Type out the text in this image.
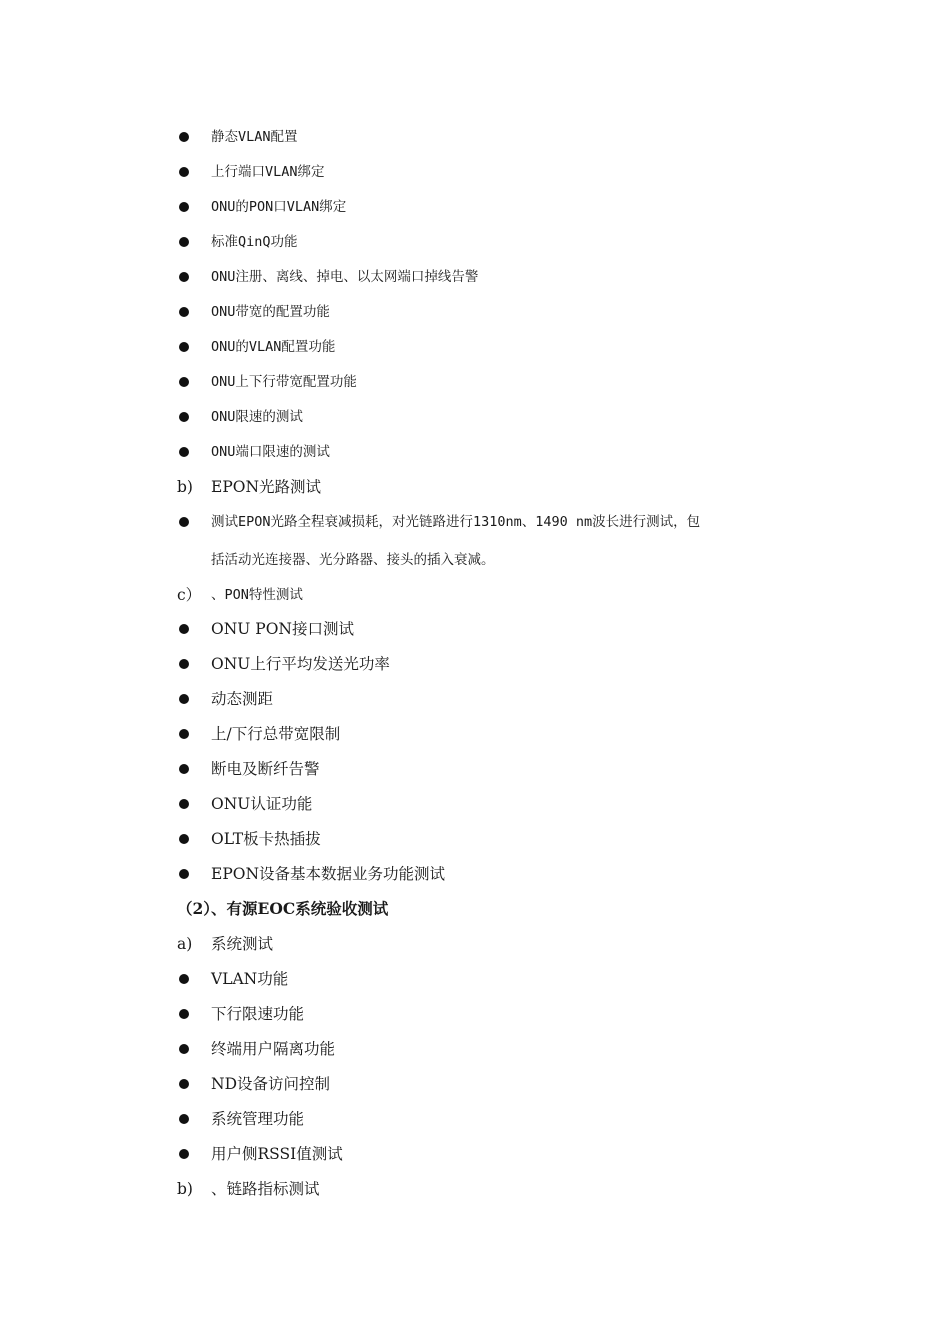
静态VLAN配置
上行端口VLAN绑定
ONU的PON口VLAN绑定
标准QinQ功能
ONU注册、离线、掉电、以太网端口掉线告警
ONU带宽的配置功能
ONU的VLAN配置功能
ONU上下行带宽配置功能
ONU限速的测试
ONU端口限速的测试
b) EPON光路测试
测试EPON光路全程衰减损耗，对光链路进行1310nm、1490 nm波长进行测试，包
括活动光连接器、光分路器、接头的插入衰减。
c） 、PON特性测试
ONU PON接口测试
ONU上行平均发送光功率
动态测距
上/下行总带宽限制
断电及断纤告警
ONU认证功能
OLT板卡热插拔
EPON设备基本数据业务功能测试
（2）、有源EOC系统验收测试
a) 系统测试
VLAN功能
下行限速功能
终端用户隔离功能
ND设备访问控制
系统管理功能
用户侧RSSI值测试
b) 、链路指标测试
